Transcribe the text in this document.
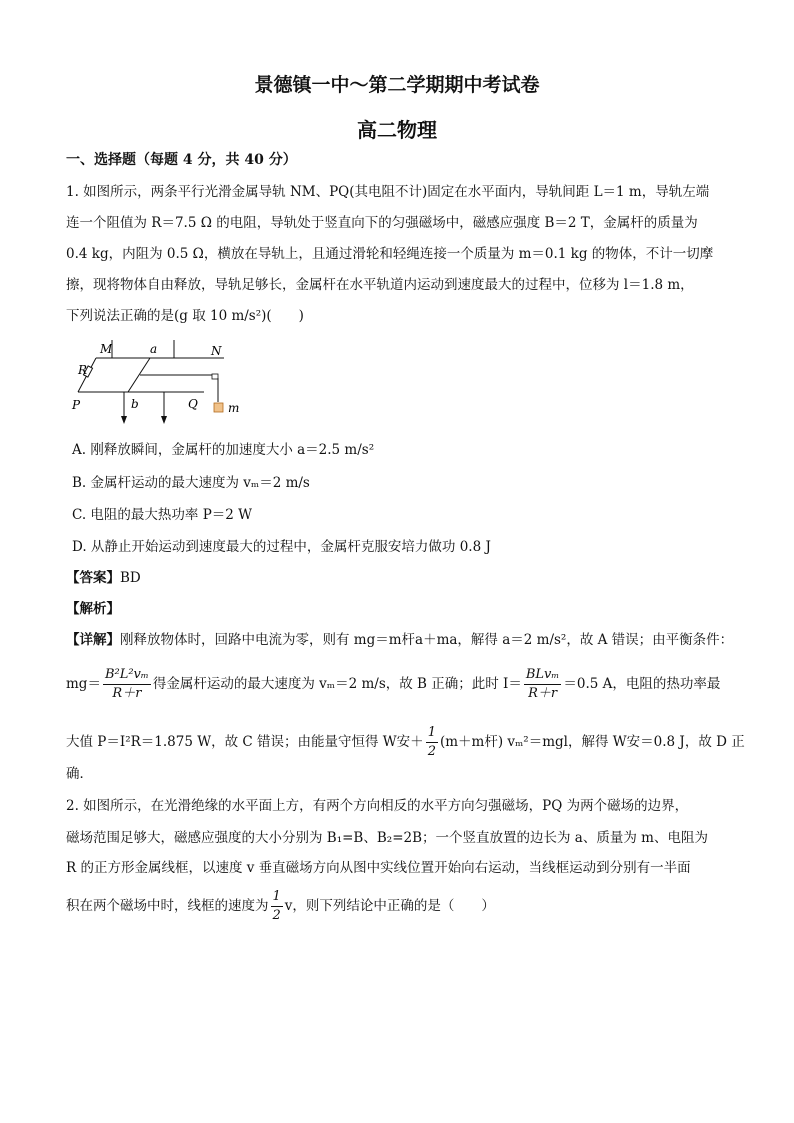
景德镇一中～第二学期期中考试卷
高二物理
一、选择题（每题 4 分，共 40 分）
1. 如图所示，两条平行光滑金属导轨 NM、PQ(其电阻不计)固定在水平面内，导轨间距 L＝1 m，导轨左端
连一个阻值为 R＝7.5 Ω 的电阻，导轨处于竖直向下的匀强磁场中，磁感应强度 B＝2 T，金属杆的质量为
0.4 kg，内阻为 0.5 Ω，横放在导轨上，且通过滑轮和轻绳连接一个质量为 m＝0.1 kg 的物体，不计一切摩
擦，现将物体自由释放，导轨足够长，金属杆在水平轨道内运动到速度最大的过程中，位移为 l＝1.8 m，
下列说法正确的是(g 取 10 m/s²)(　　)
M	a	N
R
P	b	Q	m
A. 刚释放瞬间，金属杆的加速度大小 a＝2.5 m/s²
B. 金属杆运动的最大速度为 vₘ＝2 m/s
C. 电阻的最大热功率 P＝2 W
D. 从静止开始运动到速度最大的过程中，金属杆克服安培力做功 0.8 J
【答案】BD
【解析】
【详解】刚释放物体时，回路中电流为零，则有 mg＝m杆a＋ma，解得 a＝2 m/s²，故 A 错误；由平衡条件：
$mg= \frac{\text{B²L²vₘ}}{R+r}$ 得金属杆运动的最大速度为 vₘ＝2 m/s，故 B 正确；此时 I＝
BLvₘ
R＋r
＝0.5 A，电阻的热功率最
大值 P＝I²R＝1.875 W，故 C 错误；由能量守恒得 W安＋ $\frac{1}{2} (m+m$杆) vₘ²＝mgl，解得 W安＝0.8 J，故 D 正
确．
2. 如图所示，在光滑绝缘的水平面上方，有两个方向相反的水平方向匀强磁场，PQ 为两个磁场的边界，
磁场范围足够大，磁感应强度的大小分别为 B₁=B、B₂=2B；一个竖直放置的边长为 a、质量为 m、电阻为
R 的正方形金属线框，以速度 v 垂直磁场方向从图中实线位置开始向右运动，当线框运动到分别有一半面
积在两个磁场中时，线框的速度为 $\frac{1}{2}$ v，则下列结论中正确的是（　　）
